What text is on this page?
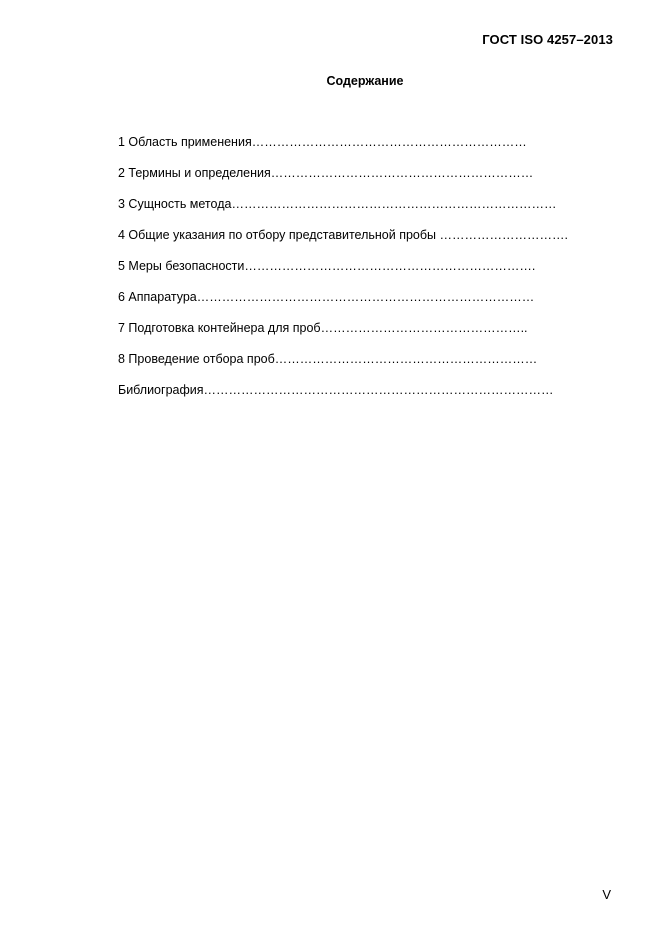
ГОСТ ISO 4257–2013
Содержание
1 Область применения…………………………………………………………
2 Термины и определения………………………………………………………
3 Сущность метода……………………………………………………………………
4 Общие указания по отбору представительной пробы ………………………….
5 Меры безопасности…………………………………………………………….
6 Аппаратура………………………………………………………………………
7 Подготовка контейнера для проб…………………………………………..
8 Проведение отбора проб………………………………………………………
Библиография…………………………………………………………………………
V
